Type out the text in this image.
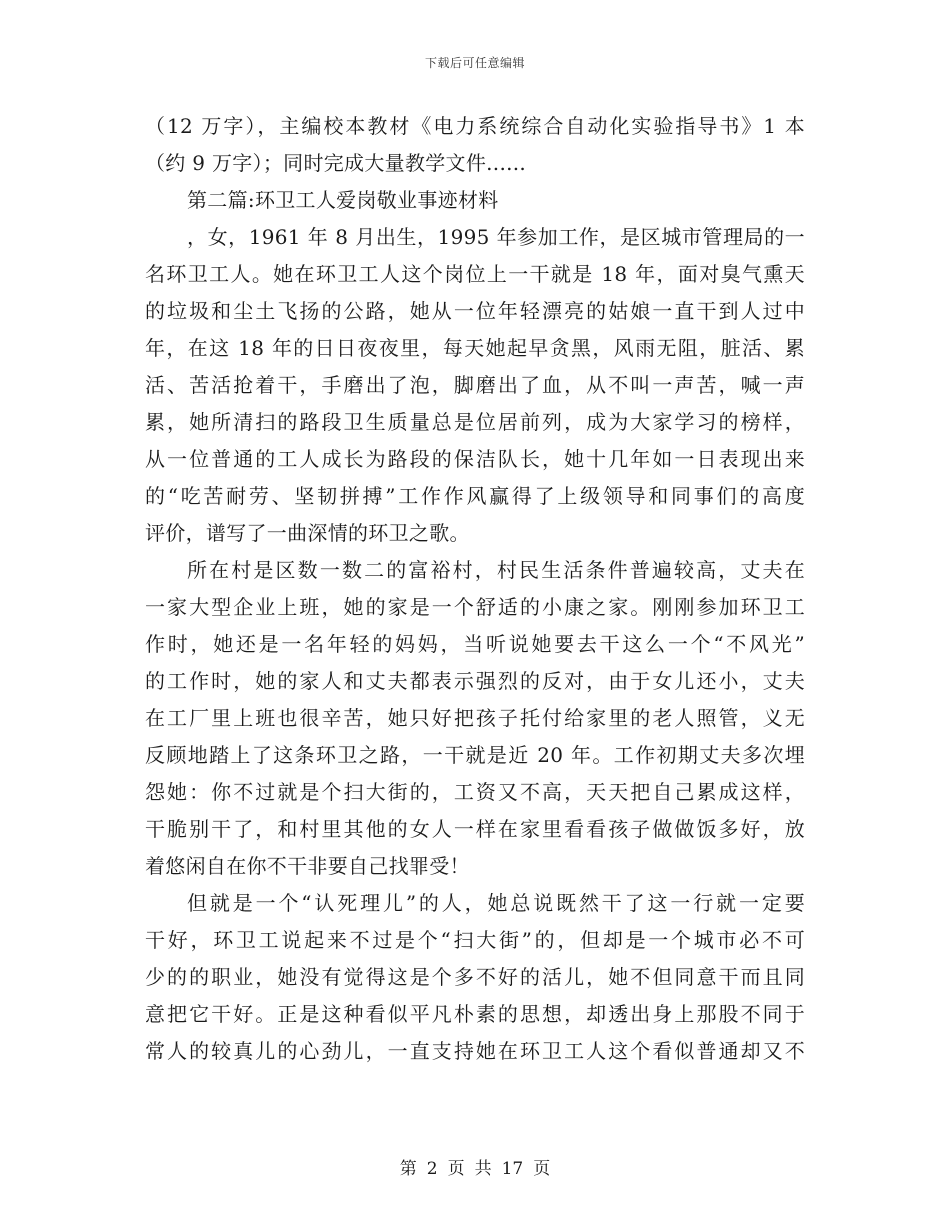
下载后可任意编辑
（12 万字），主编校本教材《电力系统综合自动化实验指导书》1 本
（约 9 万字）；同时完成大量教学文件......
第二篇:环卫工人爱岗敬业事迹材料
，女，1961 年 8 月出生，1995 年参加工作，是区城市管理局的一
名环卫工人。她在环卫工人这个岗位上一干就是 18 年，面对臭气熏天
的垃圾和尘土飞扬的公路，她从一位年轻漂亮的姑娘一直干到人过中
年，在这 18 年的日日夜夜里，每天她起早贪黑，风雨无阻，脏活、累
活、苦活抢着干，手磨出了泡，脚磨出了血，从不叫一声苦，喊一声
累，她所清扫的路段卫生质量总是位居前列，成为大家学习的榜样，
从一位普通的工人成长为路段的保洁队长，她十几年如一日表现出来
的“吃苦耐劳、坚韧拼搏”工作作风赢得了上级领导和同事们的高度
评价，谱写了一曲深情的环卫之歌。
所在村是区数一数二的富裕村，村民生活条件普遍较高，丈夫在
一家大型企业上班，她的家是一个舒适的小康之家。刚刚参加环卫工
作时，她还是一名年轻的妈妈，当听说她要去干这么一个“不风光”
的工作时，她的家人和丈夫都表示强烈的反对，由于女儿还小，丈夫
在工厂里上班也很辛苦，她只好把孩子托付给家里的老人照管，义无
反顾地踏上了这条环卫之路，一干就是近 20 年。工作初期丈夫多次埋
怨她：你不过就是个扫大街的，工资又不高，天天把自己累成这样，
干脆别干了，和村里其他的女人一样在家里看看孩子做做饭多好，放
着悠闲自在你不干非要自己找罪受！
但就是一个“认死理儿”的人，她总说既然干了这一行就一定要
干好，环卫工说起来不过是个“扫大街”的，但却是一个城市必不可
少的的职业，她没有觉得这是个多不好的活儿，她不但同意干而且同
意把它干好。正是这种看似平凡朴素的思想，却透出身上那股不同于
常人的较真儿的心劲儿，一直支持她在环卫工人这个看似普通却又不
第 2 页 共 17 页
